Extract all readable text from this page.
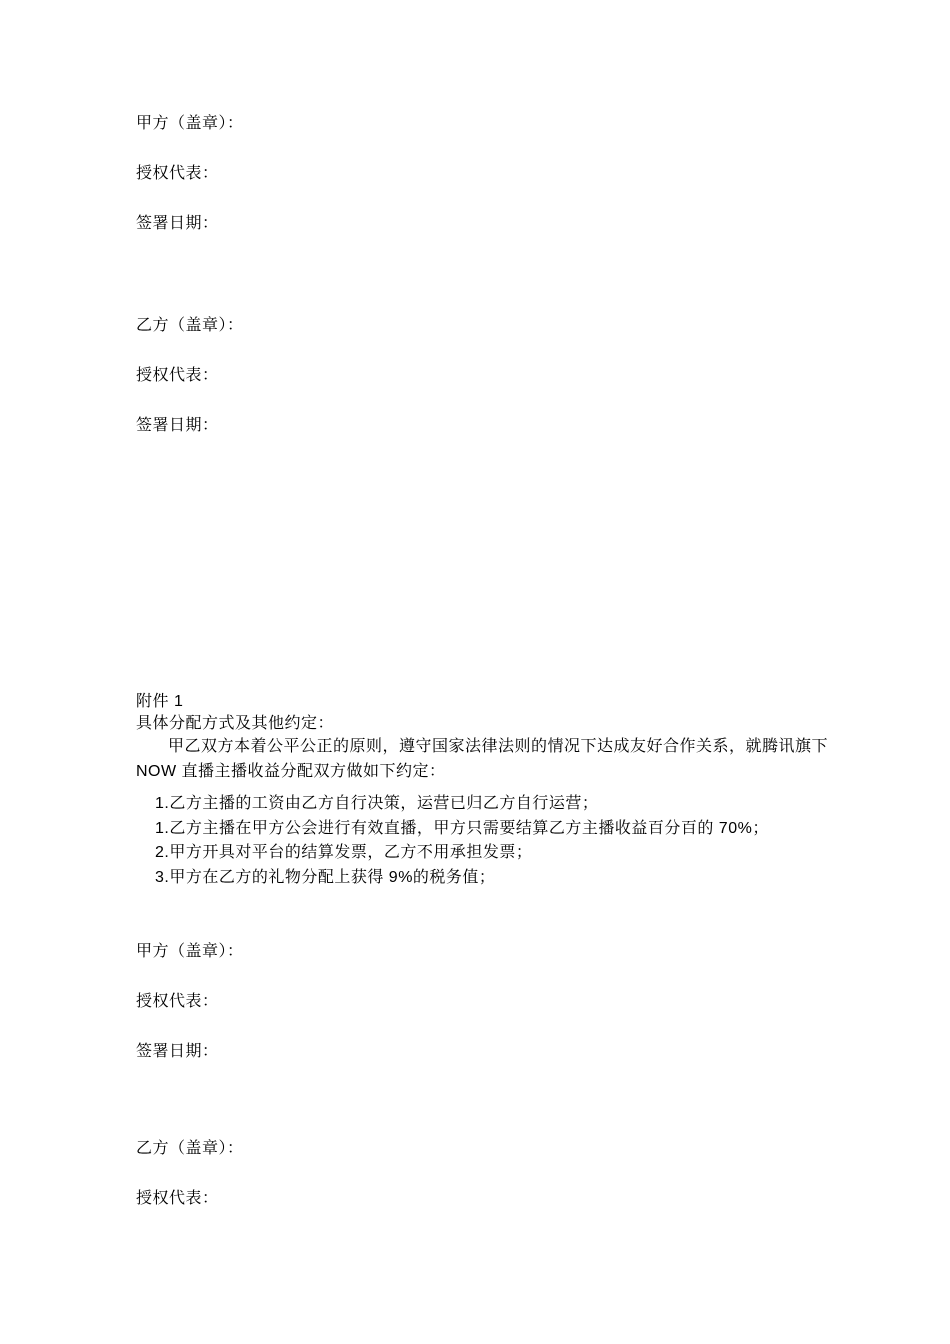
甲方（盖章）：

授权代表：

签署日期：

乙方（盖章）：

授权代表：

签署日期：

附件 1

具体分配方式及其他约定：

甲乙双方本着公平公正的原则，遵守国家法律法则的情况下达成友好合作关系，就腾讯旗下 NOW 直播主播收益分配双方做如下约定：

1.乙方主播的工资由乙方自行决策，运营已归乙方自行运营；

1.乙方主播在甲方公会进行有效直播，甲方只需要结算乙方主播收益百分百的 70%；

2.甲方开具对平台的结算发票，乙方不用承担发票；

3.甲方在乙方的礼物分配上获得 9%的税务值；

甲方（盖章）：

授权代表：

签署日期：

乙方（盖章）：

授权代表：
